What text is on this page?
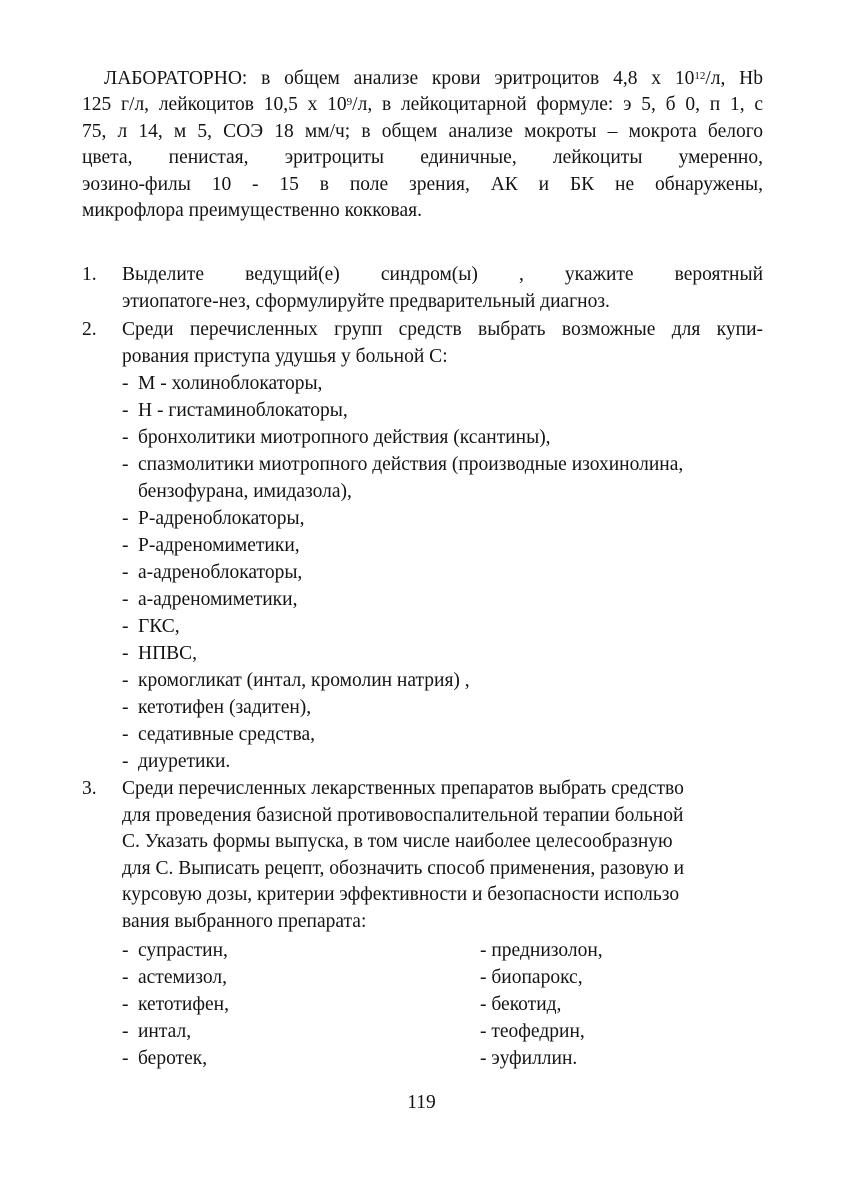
ЛАБОРАТОРНО: в общем анализе крови эритроцитов 4,8 х $10^{12}/л$, Hb
125 г/л, лейкоцитов 10,5 х $10^9/л$, в лейкоцитарной формуле: э 5, б 0, п 1, с
75, л 14, м 5, СОЭ 18 мм/ч; в общем анализе мокроты – мокрота белого
цвета, пенистая, эритроциты единичные, лейкоциты умеренно,
эозино-филы 10 - 15 в поле зрения, АК и БК не обнаружены,
микрофлора преимущественно кокковая.

1. Выделите ведущий(е) синдром(ы) , укажите вероятный
этиопатоге-нез, сформулируйте предварительный диагноз.
2. Среди перечисленных групп средств выбрать возможные для купи-
рования приступа удушья у больной С:
- М - холиноблокаторы,
- Н - гистаминоблокаторы,
- бронхолитики миотропного действия (ксантины),
- спазмолитики миотропного действия (производные изохинолина,
бензофурана, имидазола),
- Р-адреноблокаторы,
- Р-адреномиметики,
- а-адреноблокаторы,
- а-адреномиметики,
- ГКС,
- НПВС,
- кромогликат (интал, кромолин натрия) ,
- кетотифен (задитен),
- седативные средства,
- диуретики.
3. Среди перечисленных лекарственных препаратов выбрать средство
для проведения базисной противовоспалительной терапии больной
С. Указать формы выпуска, в том числе наиболее целесообразную
для С. Выписать рецепт, обозначить способ применения, разовую и
курсовую дозы, критерии эффективности и безопасности использо
вания выбранного препарата:
- супрастин,
- астемизол,
- кетотифен,
- интал,
- беротек,
- преднизолон,
- биопарокс,
- бекотид,
- теофедрин,
- эуфиллин.
119
